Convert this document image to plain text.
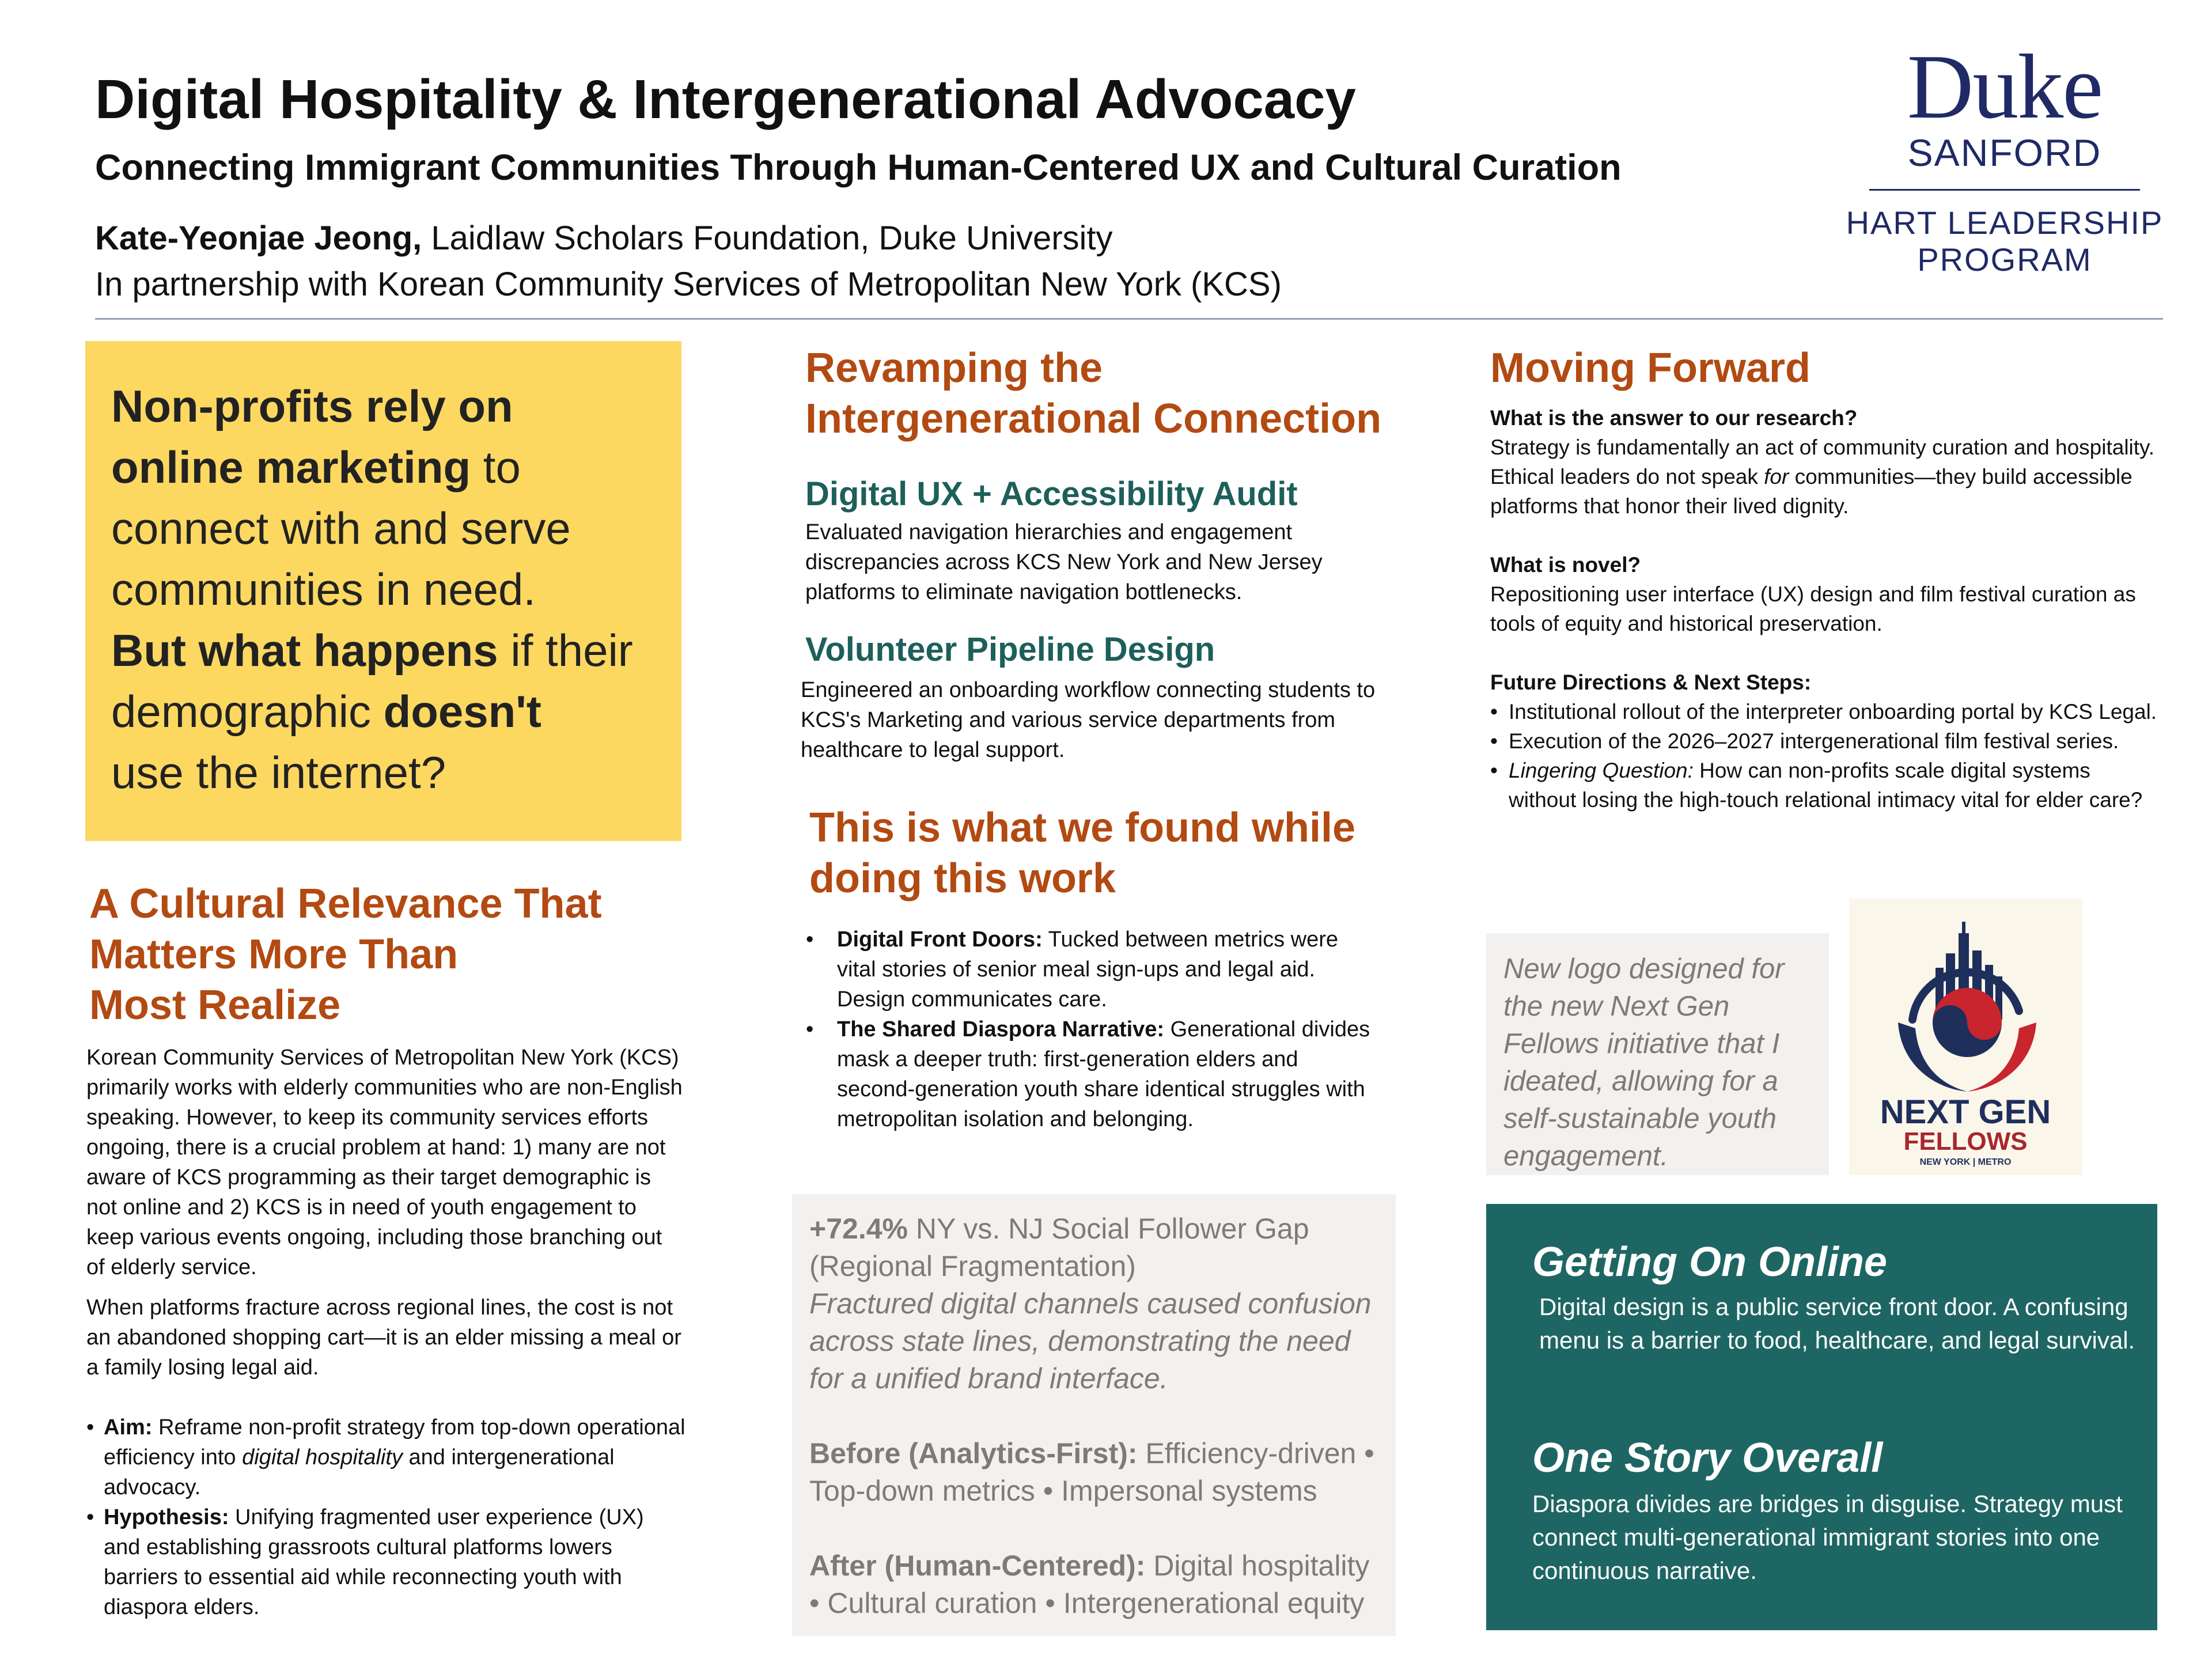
Digital Hospitality & Intergenerational Advocacy
Connecting Immigrant Communities Through Human-Centered UX and Cultural Curation
Kate-Yeonjae Jeong, Laidlaw Scholars Foundation, Duke University
In partnership with Korean Community Services of Metropolitan New York (KCS)
Duke
SANFORD
HART LEADERSHIP
PROGRAM

Non-profits rely on
online marketing to connect with and serve communities in need.
But what happens if their demographic doesn't
use the internet?

A Cultural Relevance That
Matters More Than
Most Realize

Korean Community Services of Metropolitan New York (KCS) primarily works with elderly communities who are non-English speaking. However, to keep its community services efforts ongoing, there is a crucial problem at hand: 1) many are not aware of KCS programming as their target demographic is not online and 2) KCS is in need of youth engagement to keep various events ongoing, including those branching out of elderly service.

When platforms fracture across regional lines, the cost is not an abandoned shopping cart—it is an elder missing a meal or a family losing legal aid.

• Aim: Reframe non-profit strategy from top-down operational efficiency into digital hospitality and intergenerational advocacy.
• Hypothesis: Unifying fragmented user experience (UX) and establishing grassroots cultural platforms lowers barriers to essential aid while reconnecting youth with diaspora elders.
Revamping the
Intergenerational Connection
Digital UX + Accessibility Audit
Evaluated navigation hierarchies and engagement discrepancies across KCS New York and New Jersey platforms to eliminate navigation bottlenecks.
Volunteer Pipeline Design
Engineered an onboarding workflow connecting students to KCS's Marketing and various service departments from healthcare to legal support.
This is what we found while
doing this work
• Digital Front Doors: Tucked between metrics were vital stories of senior meal sign-ups and legal aid. Design communicates care.
• The Shared Diaspora Narrative: Generational divides mask a deeper truth: first-generation elders and second-generation youth share identical struggles with metropolitan isolation and belonging.

+72.4% NY vs. NJ Social Follower Gap (Regional Fragmentation)

Fractured digital channels caused confusion across state lines, demonstrating the need for a unified brand interface.

Before (Analytics-First): Efficiency-driven • Top-down metrics • Impersonal systems

After (Human-Centered): Digital hospitality • Cultural curation • Intergenerational equity

Moving Forward

What is the answer to our research?

Strategy is fundamentally an act of community curation and hospitality. Ethical leaders do not speak for communities—they build accessible platforms that honor their lived dignity.

What is novel?

Repositioning user interface (UX) design and film festival curation as tools of equity and historical preservation.

Future Directions & Next Steps:

• Institutional rollout of the interpreter onboarding portal by KCS Legal.
• Execution of the 2026–2027 intergenerational film festival series.
• Lingering Question: How can non-profits scale digital systems without losing the high-touch relational intimacy vital for elder care?

New logo designed for the new Next Gen Fellows initiative that I ideated, allowing for a self-sustainable youth engagement.

NEXT GEN
FELLOWS
NEW YORK | METRO
Getting On Online
Digital design is a public service front door. A confusing menu is a barrier to food, healthcare, and legal survival.
One Story Overall
Diaspora divides are bridges in disguise. Strategy must connect multi-generational immigrant stories into one continuous narrative.
